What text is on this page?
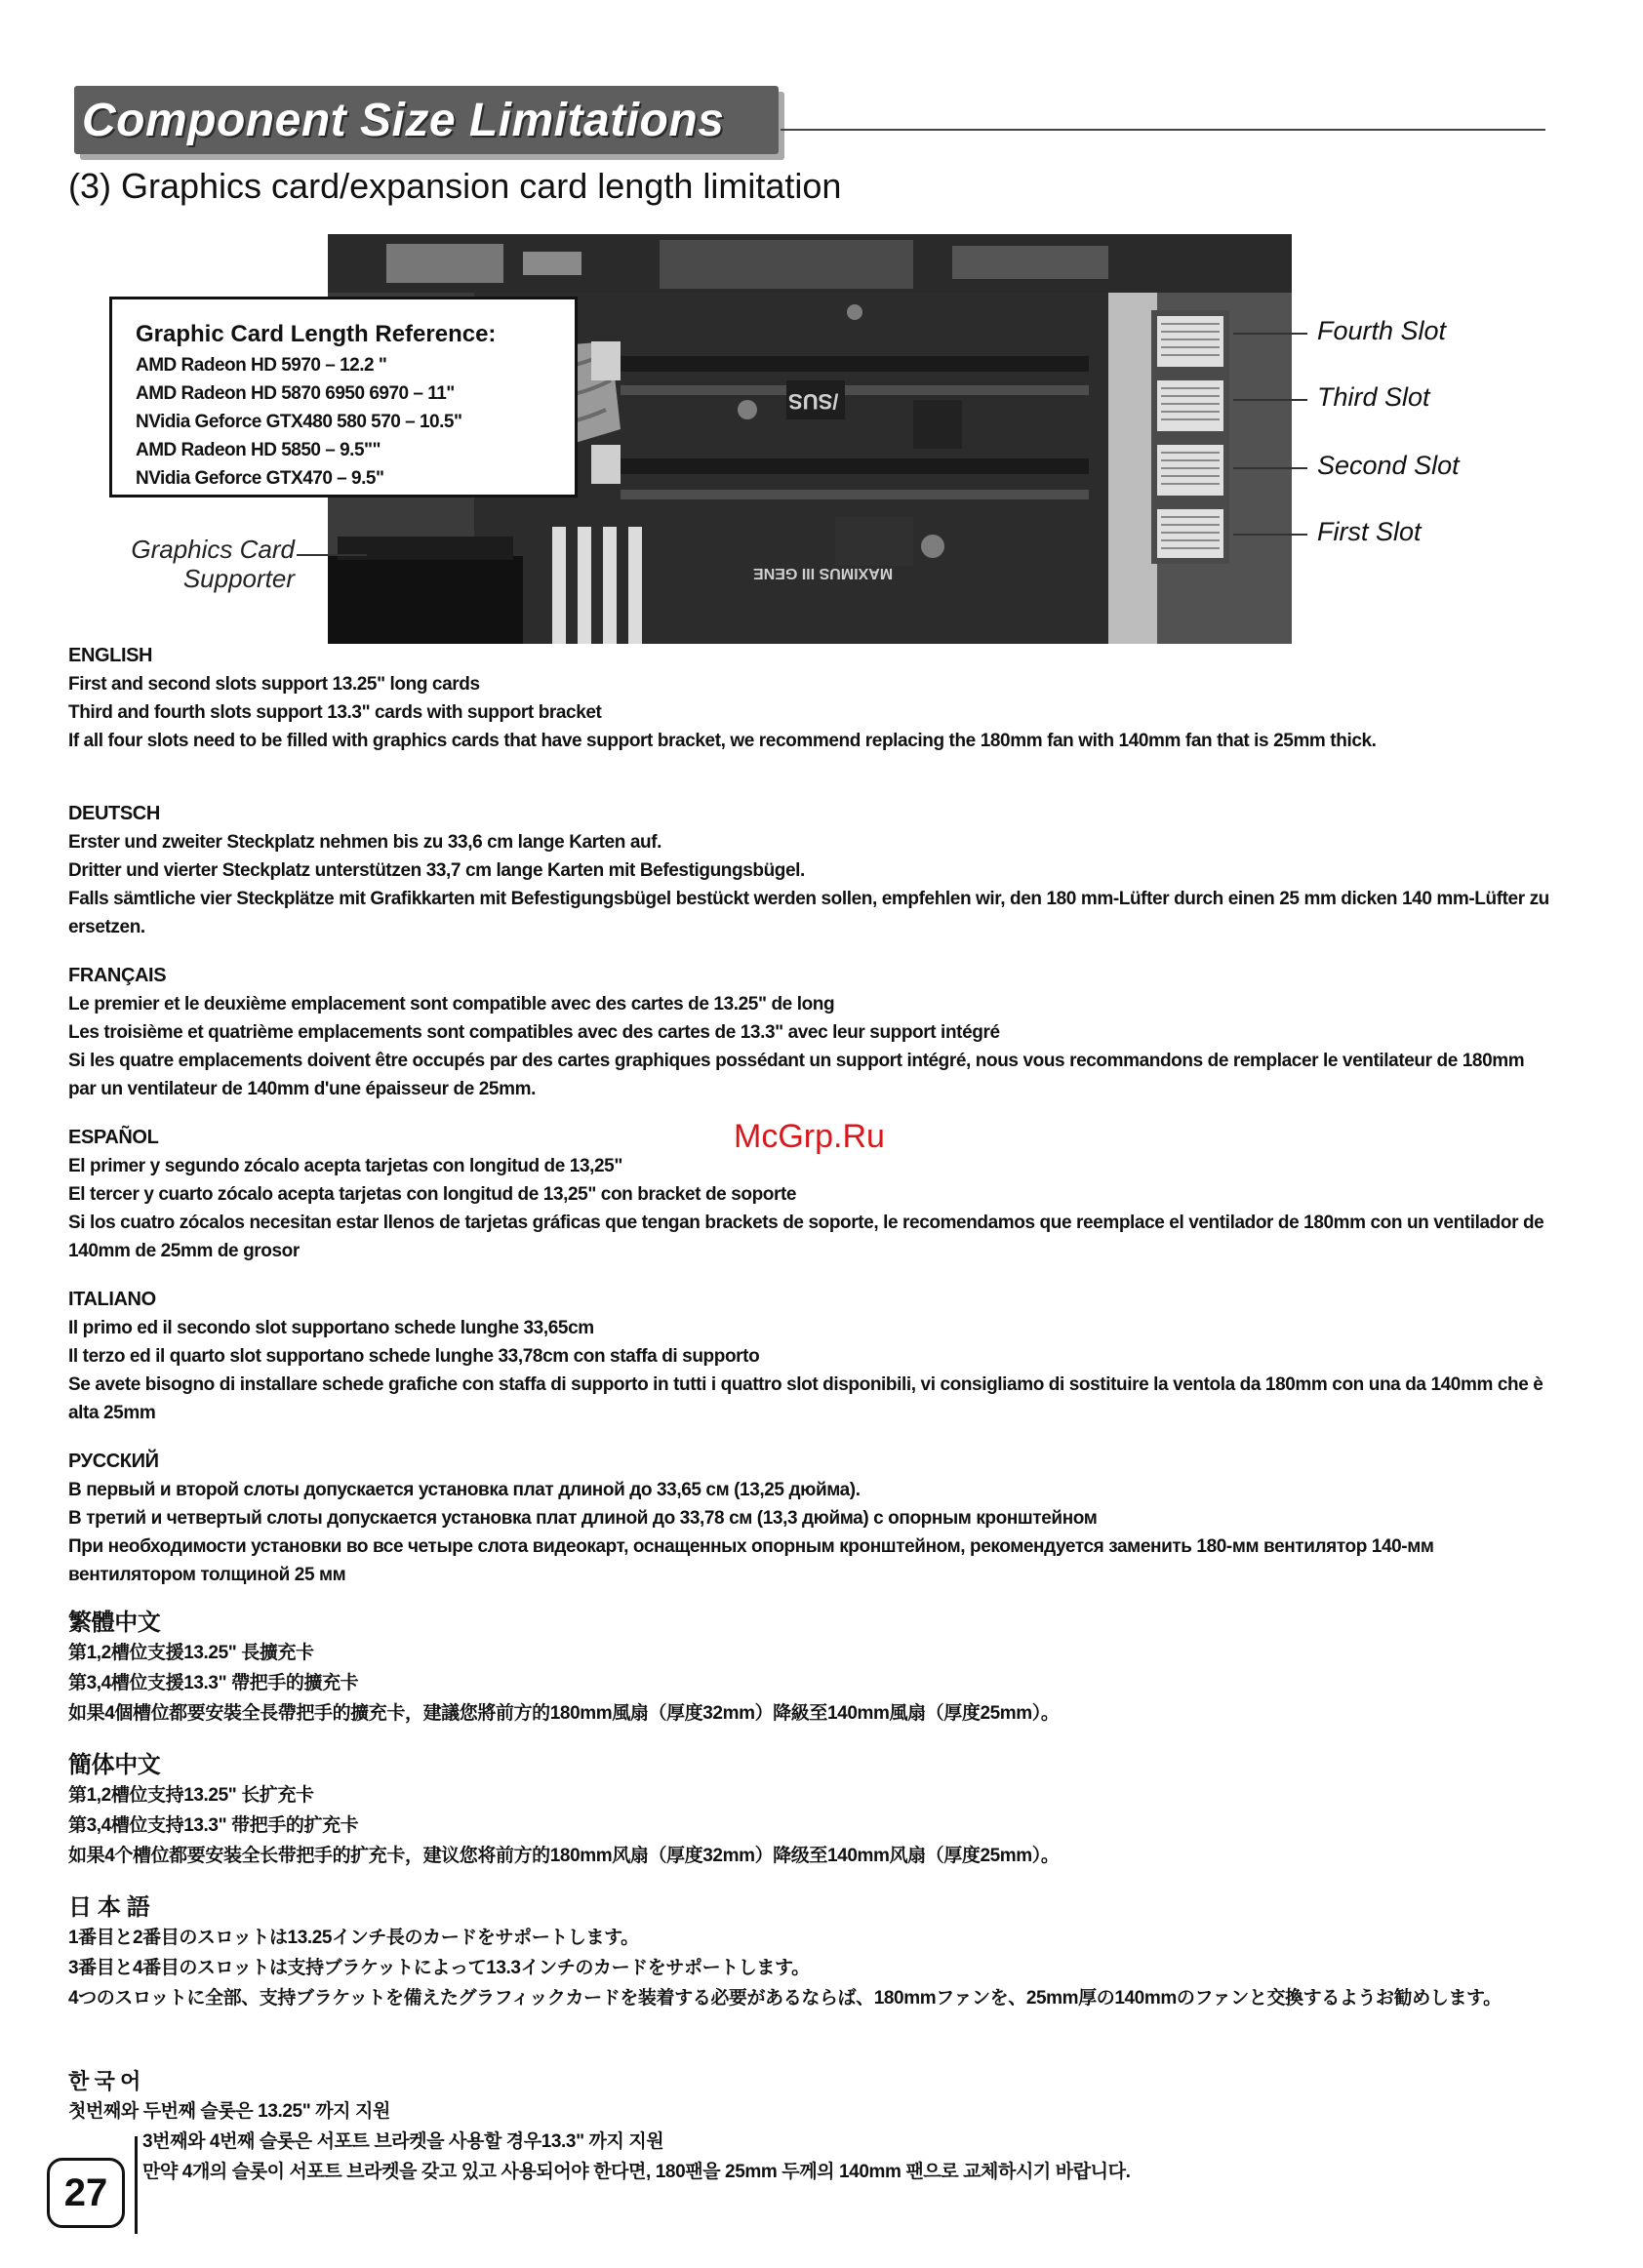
Component Size Limitations
(3) Graphics card/expansion card length limitation
/SUS
MAXIMUS III GENE
Graphic Card Length Reference:
AMD Radeon HD 5970 – 12.2 "
AMD Radeon HD 5870 6950 6970 – 11"
NVidia Geforce GTX480 580 570 – 10.5"
AMD Radeon HD 5850 – 9.5""
NVidia Geforce GTX470 – 9.5"
Fourth Slot
Third Slot
Second Slot
First Slot
Graphics Card
Supporter
ENGLISH
First and second slots support 13.25" long cards
Third and fourth slots support 13.3" cards with support bracket
If all four slots need to be filled with graphics cards that have support bracket, we recommend replacing the 180mm fan with 140mm fan that is 25mm thick.
DEUTSCH
Erster und zweiter Steckplatz nehmen bis zu 33,6 cm lange Karten auf.
Dritter und vierter Steckplatz unterstützen 33,7 cm lange Karten mit Befestigungsbügel.
Falls sämtliche vier Steckplätze mit Grafikkarten mit Befestigungsbügel bestückt werden sollen, empfehlen wir, den 180 mm-Lüfter durch einen 25 mm dicken 140 mm-Lüfter zu ersetzen.
FRANÇAIS
Le premier et le deuxième emplacement sont compatible avec des cartes de 13.25" de long
Les troisième et quatrième emplacements sont compatibles avec des cartes de 13.3" avec leur support intégré
Si les quatre emplacements doivent être occupés par des cartes graphiques possédant un support intégré, nous vous recommandons de remplacer le ventilateur de 180mm par un ventilateur de 140mm d'une épaisseur de 25mm.
ESPAÑOL
El primer y segundo zócalo acepta tarjetas con longitud de 13,25"
El tercer y cuarto zócalo acepta tarjetas con longitud de 13,25" con bracket de soporte
Si los cuatro zócalos necesitan estar llenos de tarjetas gráficas que tengan brackets de soporte, le recomendamos que reemplace el ventilador de 180mm con un ventilador de 140mm de 25mm de grosor
ITALIANO
Il primo ed il secondo slot supportano schede lunghe 33,65cm
Il terzo ed il quarto slot supportano schede lunghe 33,78cm con staffa di supporto
Se avete bisogno di installare schede grafiche con staffa di supporto in tutti i quattro slot disponibili, vi consigliamo di sostituire la ventola da 180mm con una da 140mm che è alta 25mm
РУССКИЙ
В первый и второй слоты допускается установка плат длиной до 33,65 см (13,25 дюйма).
В третий и четвертый слоты допускается установка плат длиной до 33,78 см (13,3 дюйма) с опорным кронштейном
При необходимости установки во все четыре слота видеокарт, оснащенных опорным кронштейном, рекомендуется заменить 180-мм вентилятор 140-мм вентилятором толщиной 25 мм
繁體中文
第1,2槽位支援13.25" 長擴充卡
第3,4槽位支援13.3" 帶把手的擴充卡
如果4個槽位都要安裝全長帶把手的擴充卡，建議您將前方的180mm風扇（厚度32mm）降級至140mm風扇（厚度25mm）。
簡体中文
第1,2槽位支持13.25" 长扩充卡
第3,4槽位支持13.3" 带把手的扩充卡
如果4个槽位都要安装全长带把手的扩充卡，建议您将前方的180mm风扇（厚度32mm）降级至140mm风扇（厚度25mm）。
日 本 語
1番目と2番目のスロットは13.25インチ長のカードをサポートします。
3番目と4番目のスロットは支持ブラケットによって13.3インチのカードをサポートします。
4つのスロットに全部、支持ブラケットを備えたグラフィックカードを装着する必要があるならば、180mmファンを、25mm厚の140mmのファンと交換するようお勧めします。
한 국 어
첫번째와 두번째 슬롯은 13.25" 까지 지원
3번째와 4번째 슬롯은 서포트 브라켓을 사용할 경우13.3" 까지 지원
만약 4개의 슬롯이 서포트 브라켓을 갖고 있고 사용되어야 한다면, 180팬을 25mm 두께의 140mm 팬으로 교체하시기 바랍니다.
27
McGrp.Ru
